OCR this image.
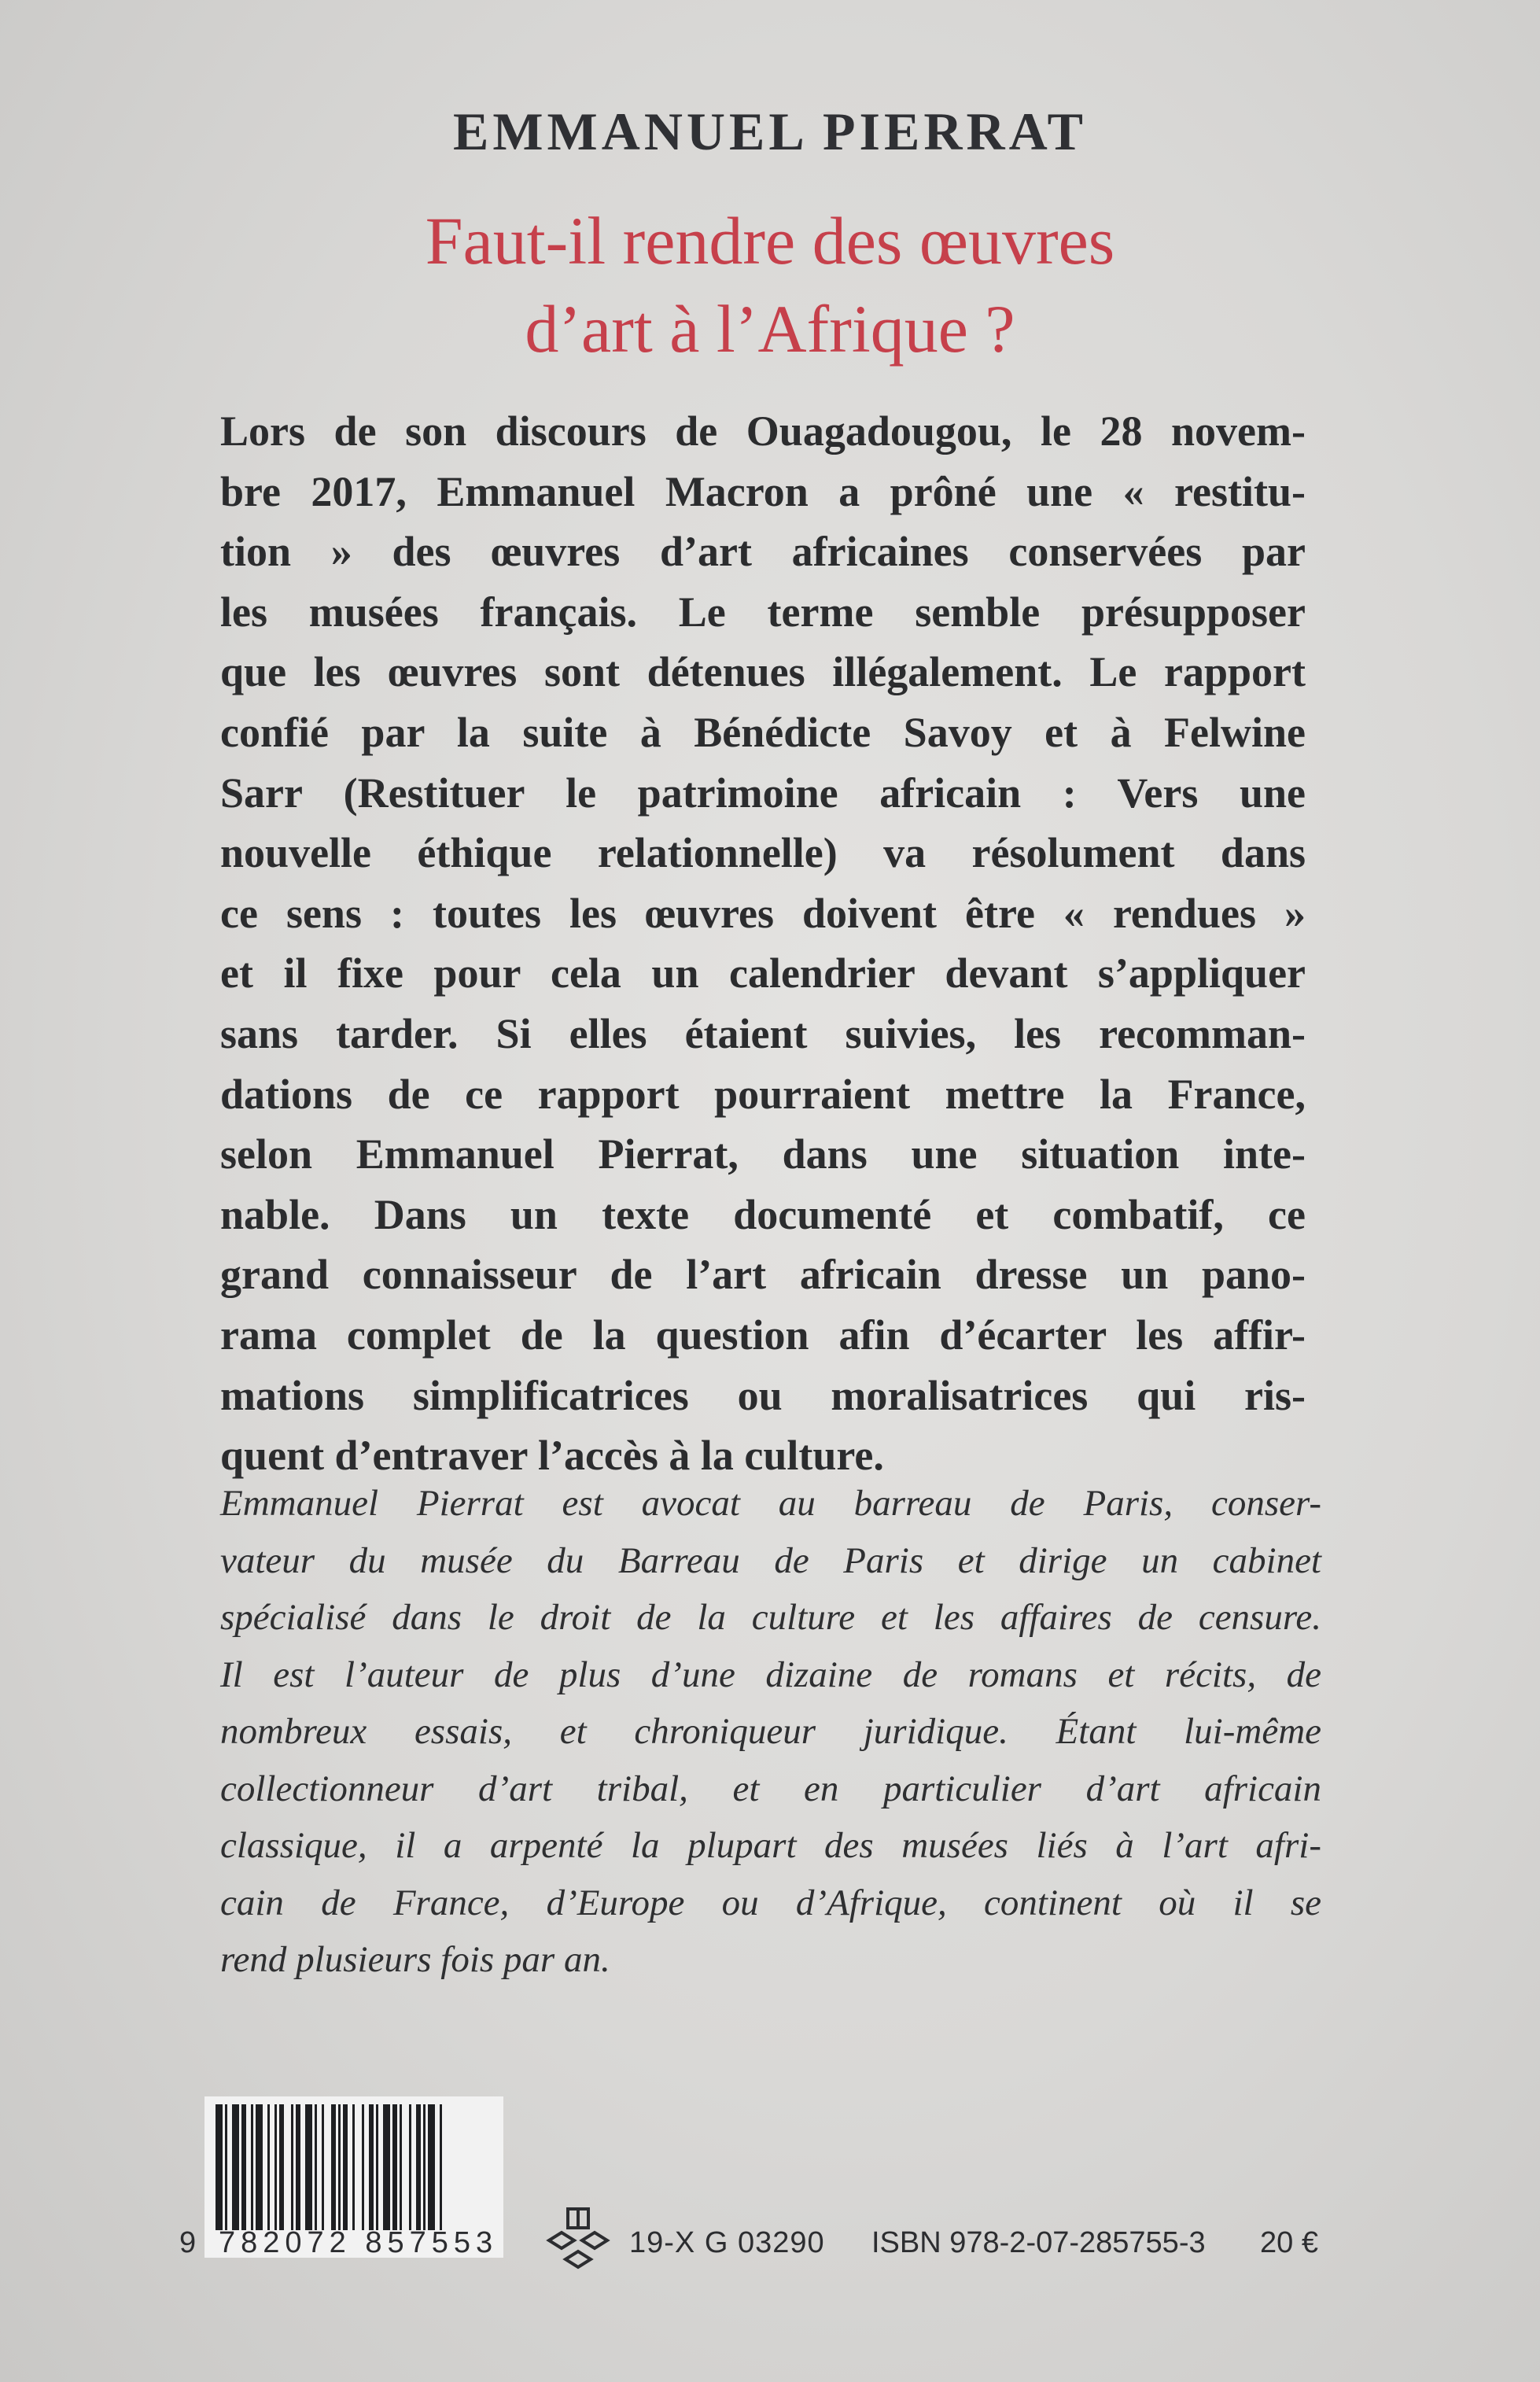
EMMANUEL PIERRAT
Faut-il rendre des œuvres
d’art à l’Afrique ?
Lors de son discours de Ouagadougou, le 28 novem-
bre 2017, Emmanuel Macron a prôné une « restitu-
tion » des œuvres d’art africaines conservées par
les musées français. Le terme semble présupposer
que les œuvres sont détenues illégalement. Le rapport
confié par la suite à Bénédicte Savoy et à Felwine
Sarr (Restituer le patrimoine africain : Vers une
nouvelle éthique relationnelle) va résolument dans
ce sens : toutes les œuvres doivent être « rendues »
et il fixe pour cela un calendrier devant s’appliquer
sans tarder. Si elles étaient suivies, les recomman-
dations de ce rapport pourraient mettre la France,
selon Emmanuel Pierrat, dans une situation inte-
nable. Dans un texte documenté et combatif, ce
grand connaisseur de l’art africain dresse un pano-
rama complet de la question afin d’écarter les affir-
mations simplificatrices ou moralisatrices qui ris-
quent d’entraver l’accès à la culture.
Emmanuel Pierrat est avocat au barreau de Paris, conser-
vateur du musée du Barreau de Paris et dirige un cabinet
spécialisé dans le droit de la culture et les affaires de censure.
Il est l’auteur de plus d’une dizaine de romans et récits, de
nombreux essais, et chroniqueur juridique. Étant lui-même
collectionneur d’art tribal, et en particulier d’art africain
classique, il a arpenté la plupart des musées liés à l’art afri-
cain de France, d’Europe ou d’Afrique, continent où il se
rend plusieurs fois par an.
9 782072 857553	19-X G 03290 ISBN 978-2-07-285755-3 20 €
